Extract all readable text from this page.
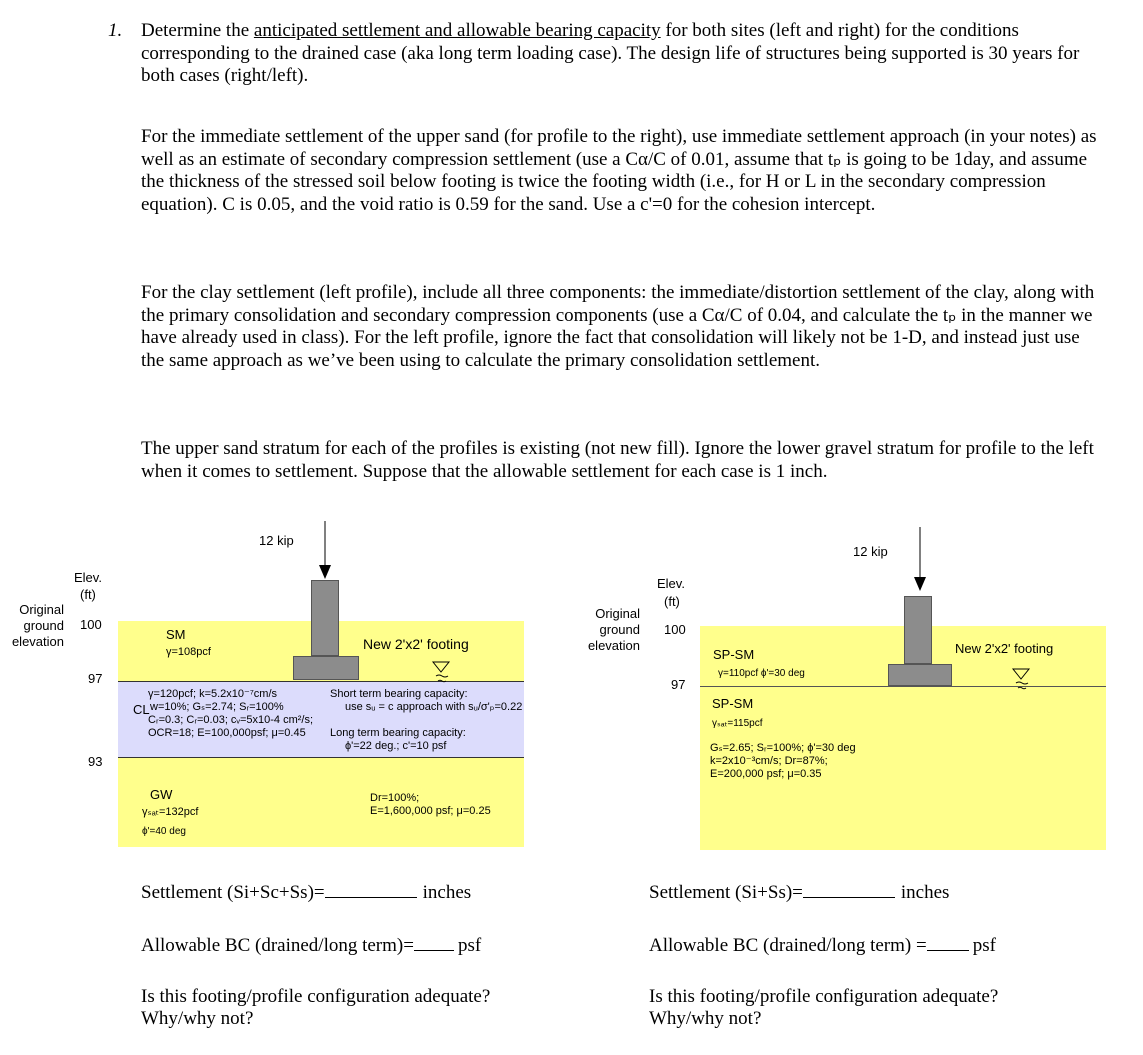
1. Determine the anticipated settlement and allowable bearing capacity for both sites (left and right) for the conditions corresponding to the drained case (aka long term loading case). The design life of structures being supported is 30 years for both cases (right/left).

For the immediate settlement of the upper sand (for profile to the right), use immediate settlement approach (in your notes) as well as an estimate of secondary compression settlement (use a Cα/C of 0.01, assume that tₚ is going to be 1day, and assume the thickness of the stressed soil below footing is twice the footing width (i.e., for H or L in the secondary compression equation). C is 0.05, and the void ratio is 0.59 for the sand. Use a c'=0 for the cohesion intercept.

For the clay settlement (left profile), include all three components: the immediate/distortion settlement of the clay, along with the primary consolidation and secondary compression components (use a Cα/C of 0.04, and calculate the tₚ in the manner we have already used in class). For the left profile, ignore the fact that consolidation will likely not be 1-D, and instead just use the same approach as we’ve been using to calculate the primary consolidation settlement.

The upper sand stratum for each of the profiles is existing (not new fill). Ignore the lower gravel stratum for profile to the left when it comes to settlement. Suppose that the allowable settlement for each case is 1 inch.

Elev.
(ft)
Original
ground
elevation
100
97
93
12 kip
SM
γ=108pcf	New 2'x2' footing
CL
γ=120pcf; k=5.2x10⁻⁷cm/s
w=10%; Gₛ=2.74; Sᵣ=100%
Cᵣ=0.3; Cᵣ=0.03; cᵥ=5x10-4 cm²/s;
OCR=18; E=100,000psf; μ=0.45
Short term bearing capacity:
use sᵤ = c approach with sᵤ/σ'ₚ=0.22
Long term bearing capacity:
ϕ'=22 deg.; c'=10 psf
GW
γₛₐₜ=132pcf
ϕ'=40 deg
Dr=100%;
E=1,600,000 psf; μ=0.25
Settlement (Si+Sc+Ss)=	inches
Allowable BC (drained/long term)= psf
Is this footing/profile configuration adequate?
Why/why not?
Elev.
(ft)
Original
ground
elevation
100
97
12 kip
SP-SM
γ=110pcf ϕ'=30 deg
New 2'x2' footing
SP-SM
γₛₐₜ=115pcf
Gₛ=2.65; Sᵣ=100%; ϕ'=30 deg
k=2x10⁻³cm/s; Dr=87%;
E=200,000 psf; μ=0.35
Settlement (Si+Ss)=	inches
Allowable BC (drained/long term) = psf
Is this footing/profile configuration adequate?
Why/why not?
